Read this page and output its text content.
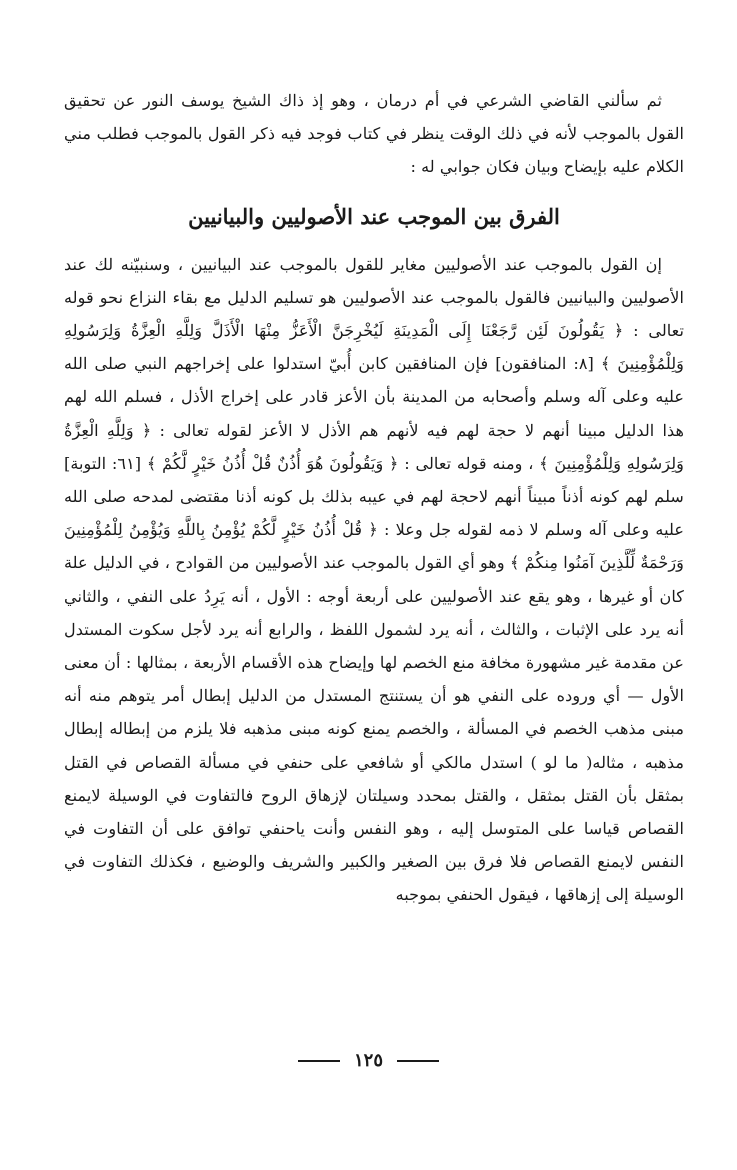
ثم سألني القاضي الشرعي في أم درمان ، وهو إذ ذاك الشيخ يوسف النور عن تحقيق القول بالموجب لأنه في ذلك الوقت ينظر في كتاب فوجد فيه ذكر القول بالموجب فطلب مني الكلام عليه بإيضاح وبيان فكان جوابي له :

الفرق بين الموجب عند الأصوليين والبيانيين

إن القول بالموجب عند الأصوليين مغاير للقول بالموجب عند البيانيين ، وسنبيّنه لك عند الأصوليين والبيانيين فالقول بالموجب عند الأصوليين هو تسليم الدليل مع بقاء النزاع نحو قوله تعالى : ﴿ يَقُولُونَ لَئِن رَّجَعْنَا إِلَى الْمَدِينَةِ لَيُخْرِجَنَّ الْأَعَزُّ مِنْهَا الْأَذَلَّ وَلِلَّهِ الْعِزَّةُ وَلِرَسُولِهِ وَلِلْمُؤْمِنِينَ ﴾ [٨: المنافقون] فإن المنافقين كابن أُبيّ استدلوا على إخراجهم النبي صلى الله عليه وعلى آله وسلم وأصحابه من المدينة بأن الأعز قادر على إخراج الأذل ، فسلم الله لهم هذا الدليل مبينا أنهم لا حجة لهم فيه لأنهم هم الأذل لا الأعز لقوله تعالى : ﴿ وَلِلَّهِ الْعِزَّةُ وَلِرَسُولِهِ وَلِلْمُؤْمِنِينَ ﴾ ، ومنه قوله تعالى : ﴿ وَيَقُولُونَ هُوَ أُذُنٌ قُلْ أُذُنُ خَيْرٍ لَّكُمْ ﴾ [٦١: التوبة] سلم لهم كونه أذناً مبيناً أنهم لاحجة لهم في عيبه بذلك بل كونه أذنا مقتضى لمدحه صلى الله عليه وعلى آله وسلم لا ذمه لقوله جل وعلا : ﴿ قُلْ أُذُنُ خَيْرٍ لَّكُمْ يُؤْمِنُ بِاللَّهِ وَيُؤْمِنُ لِلْمُؤْمِنِينَ وَرَحْمَةٌ لِّلَّذِينَ آمَنُوا مِنكُمْ ﴾ وهو أي القول بالموجب عند الأصوليين من القوادح ، في الدليل علة كان أو غيرها ، وهو يقع عند الأصوليين على أربعة أوجه : الأول ، أنه يَرِدُ على النفي ، والثاني أنه يرد على الإثبات ، والثالث ، أنه يرد لشمول اللفظ ، والرابع أنه يرد لأجل سكوت المستدل عن مقدمة غير مشهورة مخافة منع الخصم لها وإيضاح هذه الأقسام الأربعة ، بمثالها : أن معنى الأول — أي وروده على النفي هو أن يستنتج المستدل من الدليل إبطال أمر يتوهم منه أنه مبنى مذهب الخصم في المسألة ، والخصم يمنع كونه مبنى مذهبه فلا يلزم من إبطاله إبطال مذهبه ، مثاله( ما لو ) استدل مالكي أو شافعي على حنفي في مسألة القصاص في القتل بمثقل بأن القتل بمثقل ، والقتل بمحدد وسيلتان لإزهاق الروح فالتفاوت في الوسيلة لايمنع القصاص قياسا على المتوسل إليه ، وهو النفس وأنت ياحنفي توافق على أن التفاوت في النفس لايمنع القصاص فلا فرق بين الصغير والكبير والشريف والوضيع ، فكذلك التفاوت في الوسيلة إلى إزهاقها ، فيقول الحنفي بموجبه

١٢٥
